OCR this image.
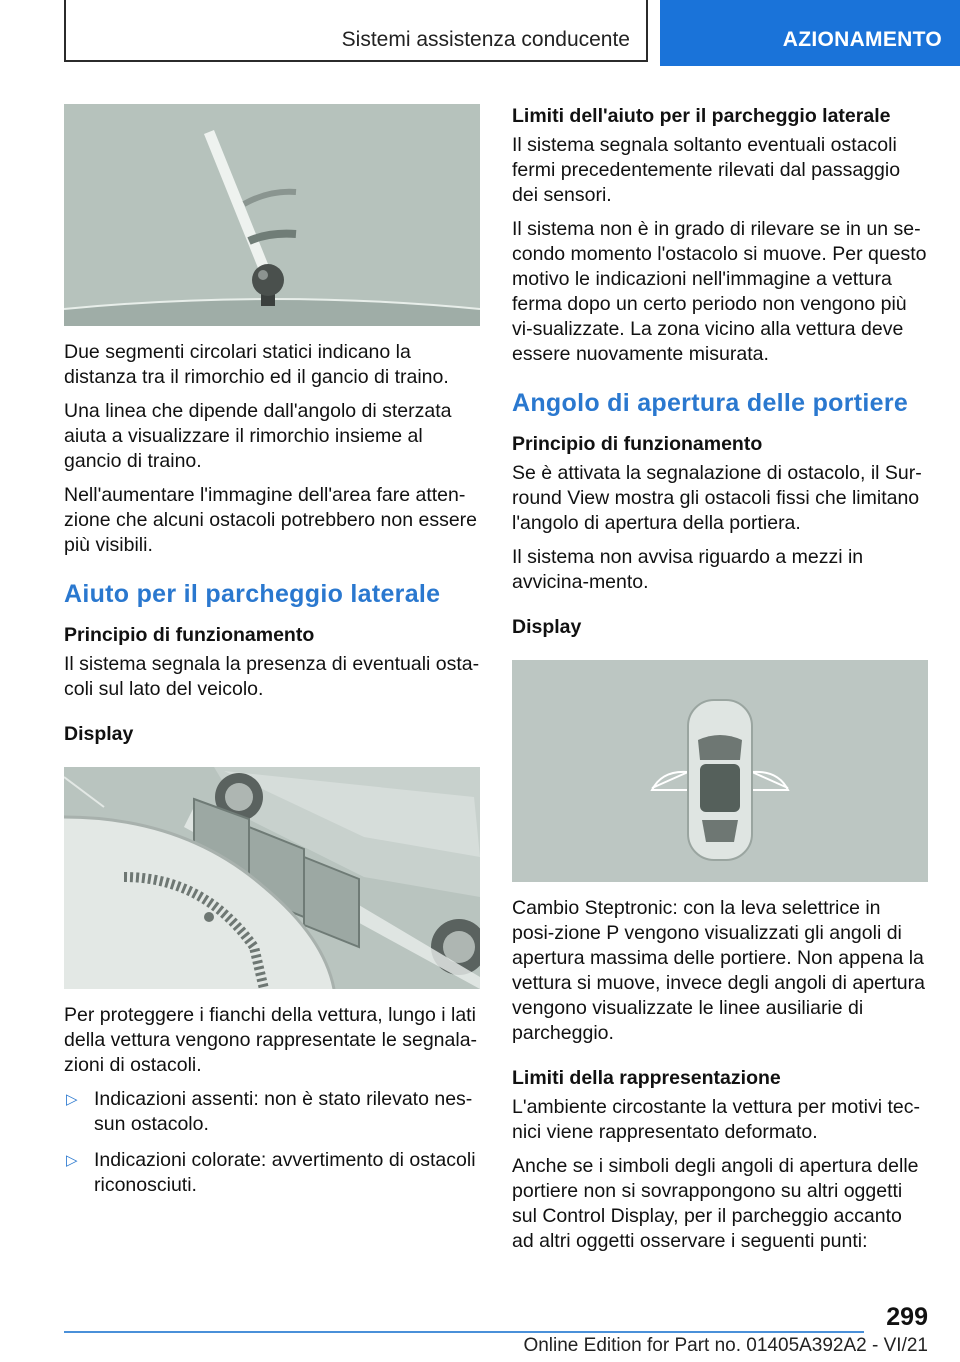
Sistemi assistenza conducente	AZIONAMENTO

Due segmenti circolari statici indicano la distanza tra il rimorchio ed il gancio di traino.

Una linea che dipende dall'angolo di sterzata aiuta a visualizzare il rimorchio insieme al gancio di traino.

Nell'aumentare l'immagine dell'area fare atten-zione che alcuni ostacoli potrebbero non essere più visibili.

Aiuto per il parcheggio laterale
Principio di funzionamento

Il sistema segnala la presenza di eventuali osta-coli sul lato del veicolo.

Display

Per proteggere i fianchi della vettura, lungo i lati della vettura vengono rappresentate le segnala-zioni di ostacoli.

▷ Indicazioni assenti: non è stato rilevato nes-sun ostacolo.
▷ Indicazioni colorate: avvertimento di ostacoli riconosciuti.
Limiti dell'aiuto per il parcheggio laterale

Il sistema segnala soltanto eventuali ostacoli fermi precedentemente rilevati dal passaggio dei sensori.

Il sistema non è in grado di rilevare se in un se-condo momento l'ostacolo si muove. Per questo motivo le indicazioni nell'immagine a vettura ferma dopo un certo periodo non vengono più vi-sualizzate. La zona vicino alla vettura deve essere nuovamente misurata.

Angolo di apertura delle portiere
Principio di funzionamento

Se è attivata la segnalazione di ostacolo, il Sur-round View mostra gli ostacoli fissi che limitano l'angolo di apertura della portiera.

Il sistema non avvisa riguardo a mezzi in avvicina-mento.

Display

Cambio Steptronic: con la leva selettrice in posi-zione P vengono visualizzati gli angoli di apertura massima delle portiere. Non appena la vettura si muove, invece degli angoli di apertura vengono visualizzate le linee ausiliarie di parcheggio.

Limiti della rappresentazione

L'ambiente circostante la vettura per motivi tec-nici viene rappresentato deformato.

Anche se i simboli degli angoli di apertura delle portiere non si sovrappongono su altri oggetti sul Control Display, per il parcheggio accanto ad altri oggetti osservare i seguenti punti:

299
Online Edition for Part no. 01405A392A2 - VI/21
